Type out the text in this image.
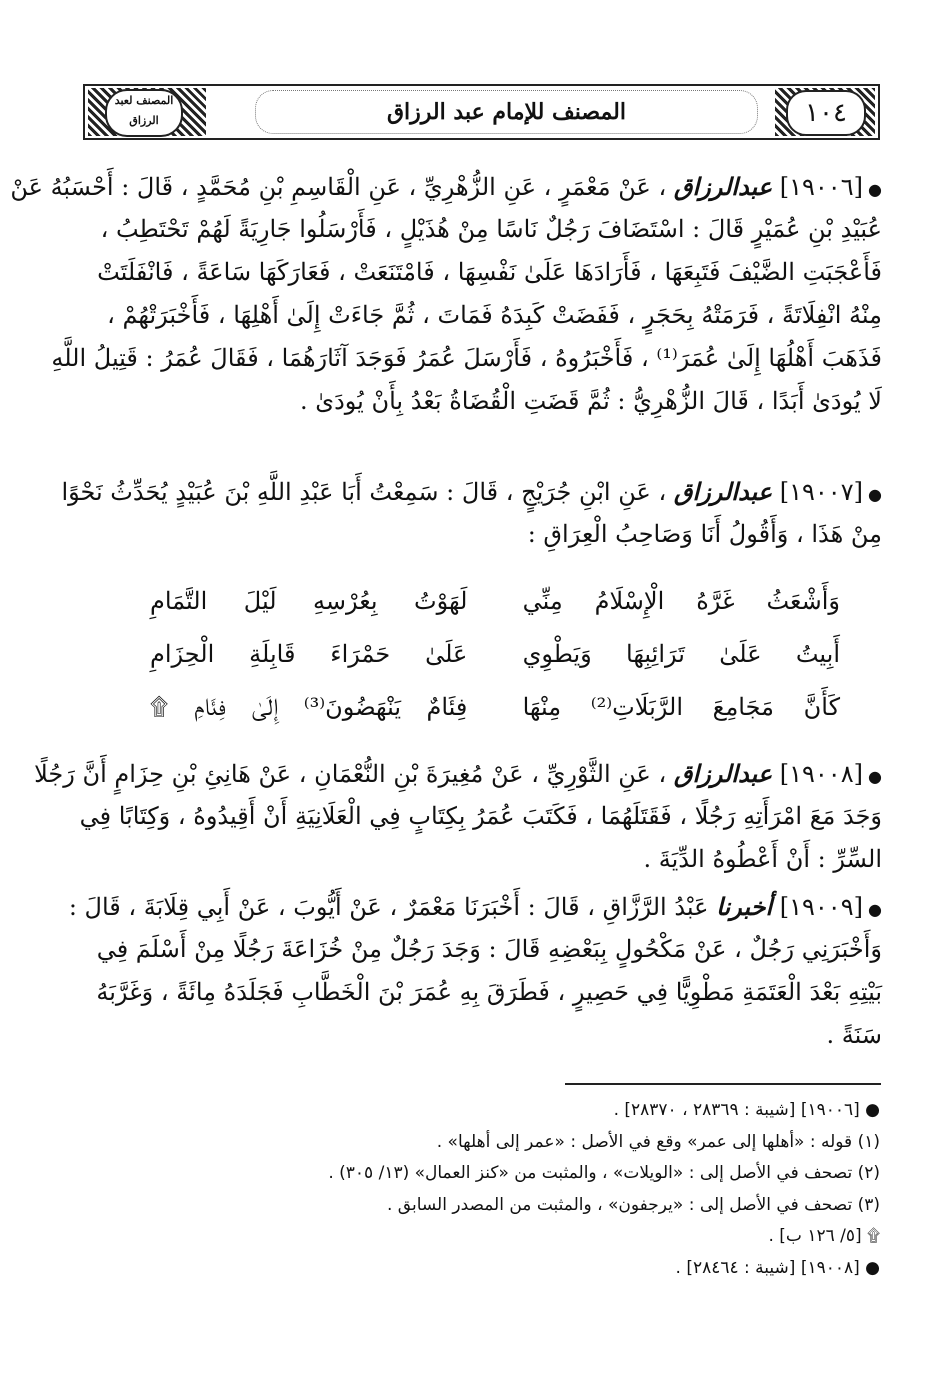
١٠٤
المصنف للإمام عبد الرزاق
المصنف لعبد الرزاق
● [١٩٠٠٦] عبدالرزاق ، عَنْ مَعْمَرٍ ، عَنِ الزُّهْرِيِّ ، عَنِ الْقَاسِمِ بْنِ مُحَمَّدٍ ، قَالَ : أَحْسَبُهُ عَنْ
عُبَيْدِ بْنِ عُمَيْرٍ قَالَ : اسْتَضَافَ رَجُلٌ نَاسًا مِنْ هُذَيْلٍ ، فَأَرْسَلُوا جَارِيَةً لَهُمْ تَحْتَطِبُ ،
فَأَعْجَبَتِ الضَّيْفَ فَتَبِعَهَا ، فَأَرَادَهَا عَلَىٰ نَفْسِهَا ، فَامْتَنَعَتْ ، فَعَارَكَهَا سَاعَةً ، فَانْفَلَتَتْ
مِنْهُ انْفِلَاتَةً ، فَرَمَتْهُ بِحَجَرٍ ، فَفَضَتْ كَبِدَهُ فَمَاتَ ، ثُمَّ جَاءَتْ إِلَىٰ أَهْلِهَا ، فَأَخْبَرَتْهُمْ ،
فَذَهَبَ أَهْلُهَا إِلَىٰ عُمَرَ⁽¹⁾ ، فَأَخْبَرُوهُ ، فَأَرْسَلَ عُمَرُ فَوَجَدَ آثَارَهُمَا ، فَقَالَ عُمَرُ : قَتِيلُ اللَّهِ
لَا يُودَىٰ أَبَدًا ، قَالَ الزُّهْرِيُّ : ثُمَّ قَضَتِ الْقُضَاةُ بَعْدُ بِأَنْ يُودَىٰ .
● [١٩٠٠٧] عبدالرزاق ، عَنِ ابْنِ جُرَيْجٍ ، قَالَ : سَمِعْتُ أَبَا عَبْدِ اللَّهِ بْنَ عُبَيْدٍ يُحَدِّثُ نَحْوًا
مِنْ هَذَا ، وَأَقُولُ أَنَا وَصَاحِبُ الْعِرَاقِ :
وَأَشْعَثُ غَرَّهُ الْإِسْلَامُ مِنِّي
لَهَوْتُ بِعُرْسِهِ لَيْلَ التَّمَامِ
أَبِيتُ عَلَىٰ تَرَائِبِهَا وَيَطْوِي
عَلَىٰ حَمْرَاءَ قَابِلَةِ الْحِزَامِ
كَأَنَّ مَجَامِعَ الرَّبَلَاتِ⁽²⁾ مِنْهَا
فِئَامٌ يَنْهَضُونَ⁽³⁾ إِلَىٰ فِئَامِ ۩
● [١٩٠٠٨] عبدالرزاق ، عَنِ الثَّوْرِيِّ ، عَنْ مُغِيرَةَ بْنِ النُّعْمَانِ ، عَنْ هَانِئِ بْنِ حِزَامٍ أَنَّ رَجُلًا
وَجَدَ مَعَ امْرَأَتِهِ رَجُلًا ، فَقَتَلَهُمَا ، فَكَتَبَ عُمَرُ بِكِتَابٍ فِي الْعَلَانِيَةِ أَنْ أَقِيدُوهُ ، وَكِتَابًا فِي
السِّرِّ : أَنْ أَعْطُوهُ الدِّيَةَ .
● [١٩٠٠٩] أخبرنا عَبْدُ الرَّزَّاقِ ، قَالَ : أَخْبَرَنَا مَعْمَرٌ ، عَنْ أَيُّوبَ ، عَنْ أَبِي قِلَابَةَ ، قَالَ :
وَأَخْبَرَنِي رَجُلٌ ، عَنْ مَكْحُولٍ بِبَعْضِهِ قَالَ : وَجَدَ رَجُلٌ مِنْ خُزَاعَةَ رَجُلًا مِنْ أَسْلَمَ فِي
بَيْتِهِ بَعْدَ الْعَتَمَةِ مَطْوِيًّا فِي حَصِيرٍ ، فَطَرَقَ بِهِ عُمَرَ بْنَ الْخَطَّابِ فَجَلَدَهُ مِائَةً ، وَغَرَّبَهُ
سَنَةً .
● [١٩٠٠٦] [شيبة : ٢٨٣٦٩ ، ٢٨٣٧٠] .
(١) قوله : «أهلها إلى عمر» وقع في الأصل : «عمر إلى أهلها» .
(٢) تصحف في الأصل إلى : «الويلات» ، والمثبت من «كنز العمال» (١٣/ ٣٠٥) .
(٣) تصحف في الأصل إلى : «يرجفون» ، والمثبت من المصدر السابق .
۩ [٥/ ١٢٦ ب] .
● [١٩٠٠٨] [شيبة : ٢٨٤٦٤] .
